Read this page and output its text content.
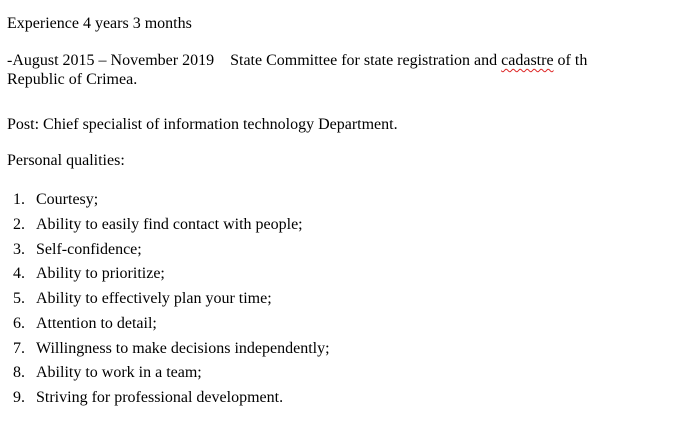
Experience 4 years 3 months
-August 2015 – November 2019 State Committee for state registration and cadastre of th
Republic of Crimea.
Post: Chief specialist of information technology Department.
Personal qualities:
1. Courtesy;
2. Ability to easily find contact with people;
3. Self-confidence;
4. Ability to prioritize;
5. Ability to effectively plan your time;
6. Attention to detail;
7. Willingness to make decisions independently;
8. Ability to work in a team;
9. Striving for professional development.
